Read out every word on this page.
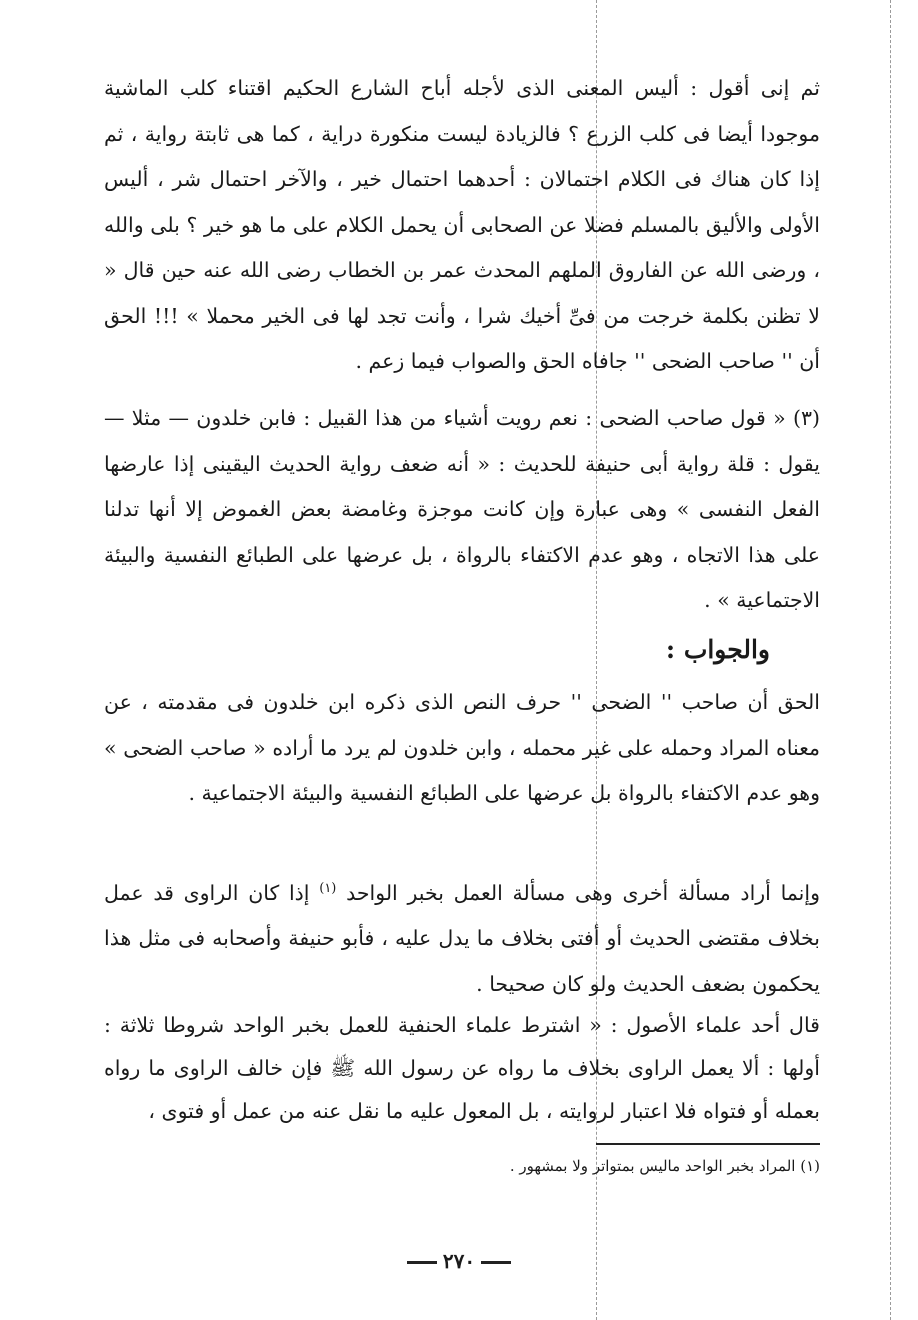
ثم إنى أقول : أليس المعنى الذى لأجله أباح الشارع الحكيم اقتناء كلب الماشية موجودا أيضا فى كلب الزرع ؟ فالزيادة ليست منكورة دراية ، كما هى ثابتة رواية ، ثم إذا كان هناك فى الكلام احتمالان : أحدهما احتمال خير ، والآخر احتمال شر ، أليس الأولى والأليق بالمسلم فضلا عن الصحابى أن يحمل الكلام على ما هو خير ؟ بلى والله ، ورضى الله عن الفاروق الملهم المحدث عمر بن الخطاب رضى الله عنه حين قال « لا تظنن بكلمة خرجت من فىِّ أخيك شرا ، وأنت تجد لها فى الخير محملا » !!! الحق أن '' صاحب الضحى '' جافاه الحق والصواب فيما زعم .

(٣) « قول صاحب الضحى : نعم رويت أشياء من هذا القبيل : فابن خلدون — مثلا — يقول : قلة رواية أبى حنيفة للحديث : « أنه ضعف رواية الحديث اليقينى إذا عارضها الفعل النفسى » وهى عبارة وإن كانت موجزة وغامضة بعض الغموض إلا أنها تدلنا على هذا الاتجاه ، وهو عدم الاكتفاء بالرواة ، بل عرضها على الطبائع النفسية والبيئة الاجتماعية » .

والجواب :

الحق أن صاحب '' الضحى '' حرف النص الذى ذكره ابن خلدون فى مقدمته ، عن معناه المراد وحمله على غير محمله ، وابن خلدون لم يرد ما أراده « صاحب الضحى » وهو عدم الاكتفاء بالرواة بل عرضها على الطبائع النفسية والبيئة الاجتماعية .

وإنما أراد مسألة أخرى وهى مسألة العمل بخبر الواحد $^{(١)}$ إذا كان الراوى قد عمل بخلاف مقتضى الحديث أو أفتى بخلاف ما يدل عليه ، فأبو حنيفة وأصحابه فى مثل هذا يحكمون بضعف الحديث ولو كان صحيحا .

قال أحد علماء الأصول : « اشترط علماء الحنفية للعمل بخبر الواحد شروطا ثلاثة : أولها : ألا يعمل الراوى بخلاف ما رواه عن رسول الله ﷺ فإن خالف الراوى ما رواه بعمله أو فتواه فلا اعتبار لروايته ، بل المعول عليه ما نقل عنه من عمل أو فتوى ،

(١) المراد بخبر الواحد ماليس بمتواتر ولا بمشهور .

٢٧٠
